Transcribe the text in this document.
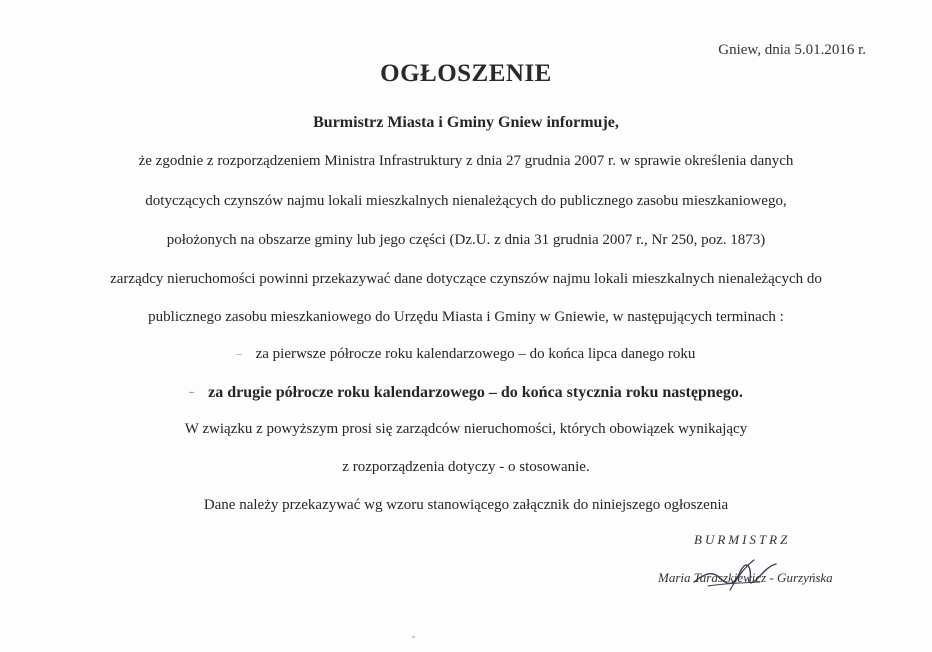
Gniew, dnia 5.01.2016 r.
OGŁOSZENIE
Burmistrz Miasta i Gminy Gniew informuje,
że zgodnie z rozporządzeniem Ministra Infrastruktury z dnia 27 grudnia 2007 r. w sprawie określenia danych
dotyczących czynszów najmu lokali mieszkalnych nienależących do publicznego zasobu mieszkaniowego,
położonych na obszarze gminy lub jego części (Dz.U. z dnia 31 grudnia 2007 r., Nr 250, poz. 1873)
zarządcy nieruchomości powinni przekazywać dane dotyczące czynszów najmu lokali mieszkalnych nienależących do
publicznego zasobu mieszkaniowego do Urzędu Miasta i Gminy w Gniewie, w następujących terminach :
– za pierwsze półrocze roku kalendarzowego – do końca lipca danego roku
– za drugie półrocze roku kalendarzowego – do końca stycznia roku następnego.
W związku z powyższym prosi się zarządców nieruchomości, których obowiązek wynikający
z rozporządzenia dotyczy - o stosowanie.
Dane należy przekazywać wg wzoru stanowiącego załącznik do niniejszego ogłoszenia
BURMISTRZ
Maria Taraszkiewicz - Gurzyńska
